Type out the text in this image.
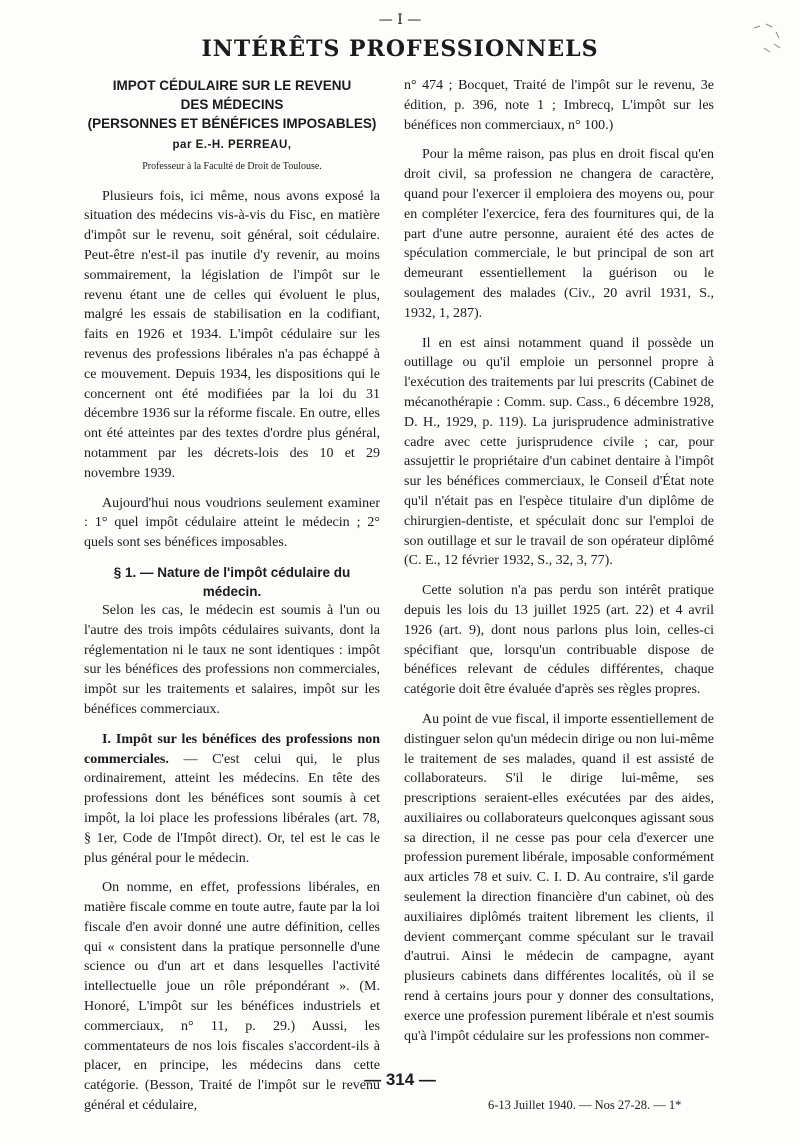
— I —
INTÉRÊTS PROFESSIONNELS

IMPOT CÉDULAIRE SUR LE REVENU

DES MÉDECINS

(PERSONNES ET BÉNÉFICES IMPOSABLES)

par E.-H. PERREAU,

Professeur à la Faculté de Droit de Toulouse.

Plusieurs fois, ici même, nous avons exposé la situation des médecins vis-à-vis du Fisc, en matière d'impôt sur le revenu, soit général, soit cédulaire. Peut-être n'est-il pas inutile d'y revenir, au moins sommairement, la législation de l'impôt sur le revenu étant une de celles qui évoluent le plus, malgré les essais de stabilisation en la codifiant, faits en 1926 et 1934. L'impôt cédulaire sur les revenus des professions libérales n'a pas échappé à ce mouvement. Depuis 1934, les dispositions qui le concernent ont été modifiées par la loi du 31 décembre 1936 sur la réforme fiscale. En outre, elles ont été atteintes par des textes d'ordre plus général, notamment par les décrets-lois des 10 et 29 novembre 1939.

Aujourd'hui nous voudrions seulement examiner : 1° quel impôt cédulaire atteint le médecin ; 2° quels sont ses bénéfices imposables.

§ 1. — Nature de l'impôt cédulaire du médecin.

Selon les cas, le médecin est soumis à l'un ou l'autre des trois impôts cédulaires suivants, dont la réglementation ni le taux ne sont identiques : impôt sur les bénéfices des professions non commerciales, impôt sur les traitements et salaires, impôt sur les bénéfices commerciaux.

I. Impôt sur les bénéfices des professions non commerciales. — C'est celui qui, le plus ordinairement, atteint les médecins. En tête des professions dont les bénéfices sont soumis à cet impôt, la loi place les professions libérales (art. 78, § 1er, Code de l'Impôt direct). Or, tel est le cas le plus général pour le médecin.

On nomme, en effet, professions libérales, en matière fiscale comme en toute autre, faute par la loi fiscale d'en avoir donné une autre définition, celles qui « consistent dans la pratique personnelle d'une science ou d'un art et dans lesquelles l'activité intellectuelle joue un rôle prépondérant ». (M. Honoré, L'impôt sur les bénéfices industriels et commerciaux, n° 11, p. 29.) Aussi, les commentateurs de nos lois fiscales s'accordent-ils à placer, en principe, les médecins dans cette catégorie. (Besson, Traité de l'impôt sur le revenu général et cédulaire,

n° 474 ; Bocquet, Traité de l'impôt sur le revenu, 3e édition, p. 396, note 1 ; Imbrecq, L'impôt sur les bénéfices non commerciaux, n° 100.)

Pour la même raison, pas plus en droit fiscal qu'en droit civil, sa profession ne changera de caractère, quand pour l'exercer il emploiera des moyens ou, pour en compléter l'exercice, fera des fournitures qui, de la part d'une autre personne, auraient été des actes de spéculation commerciale, le but principal de son art demeurant essentiellement la guérison ou le soulagement des malades (Civ., 20 avril 1931, S., 1932, 1, 287).

Il en est ainsi notamment quand il possède un outillage ou qu'il emploie un personnel propre à l'exécution des traitements par lui prescrits (Cabinet de mécanothérapie : Comm. sup. Cass., 6 décembre 1928, D. H., 1929, p. 119). La jurisprudence administrative cadre avec cette jurisprudence civile ; car, pour assujettir le propriétaire d'un cabinet dentaire à l'impôt sur les bénéfices commerciaux, le Conseil d'État note qu'il n'était pas en l'espèce titulaire d'un diplôme de chirurgien-dentiste, et spéculait donc sur l'emploi de son outillage et sur le travail de son opérateur diplômé (C. E., 12 février 1932, S., 32, 3, 77).

Cette solution n'a pas perdu son intérêt pratique depuis les lois du 13 juillet 1925 (art. 22) et 4 avril 1926 (art. 9), dont nous parlons plus loin, celles-ci spécifiant que, lorsqu'un contribuable dispose de bénéfices relevant de cédules différentes, chaque catégorie doit être évaluée d'après ses règles propres.

Au point de vue fiscal, il importe essentiellement de distinguer selon qu'un médecin dirige ou non lui-même le traitement de ses malades, quand il est assisté de collaborateurs. S'il le dirige lui-même, ses prescriptions seraient-elles exécutées par des aides, auxiliaires ou collaborateurs quelconques agissant sous sa direction, il ne cesse pas pour cela d'exercer une profession purement libérale, imposable conformément aux articles 78 et suiv. C. I. D. Au contraire, s'il garde seulement la direction financière d'un cabinet, où des auxiliaires diplômés traitent librement les clients, il devient commerçant comme spéculant sur le travail d'autrui. Ainsi le médecin de campagne, ayant plusieurs cabinets dans différentes localités, où il se rend à certains jours pour y donner des consultations, exerce une profession purement libérale et n'est soumis qu'à l'impôt cédulaire sur les professions non commer-

— 314 —
6-13 Juillet 1940. — Nos 27-28. — 1*
